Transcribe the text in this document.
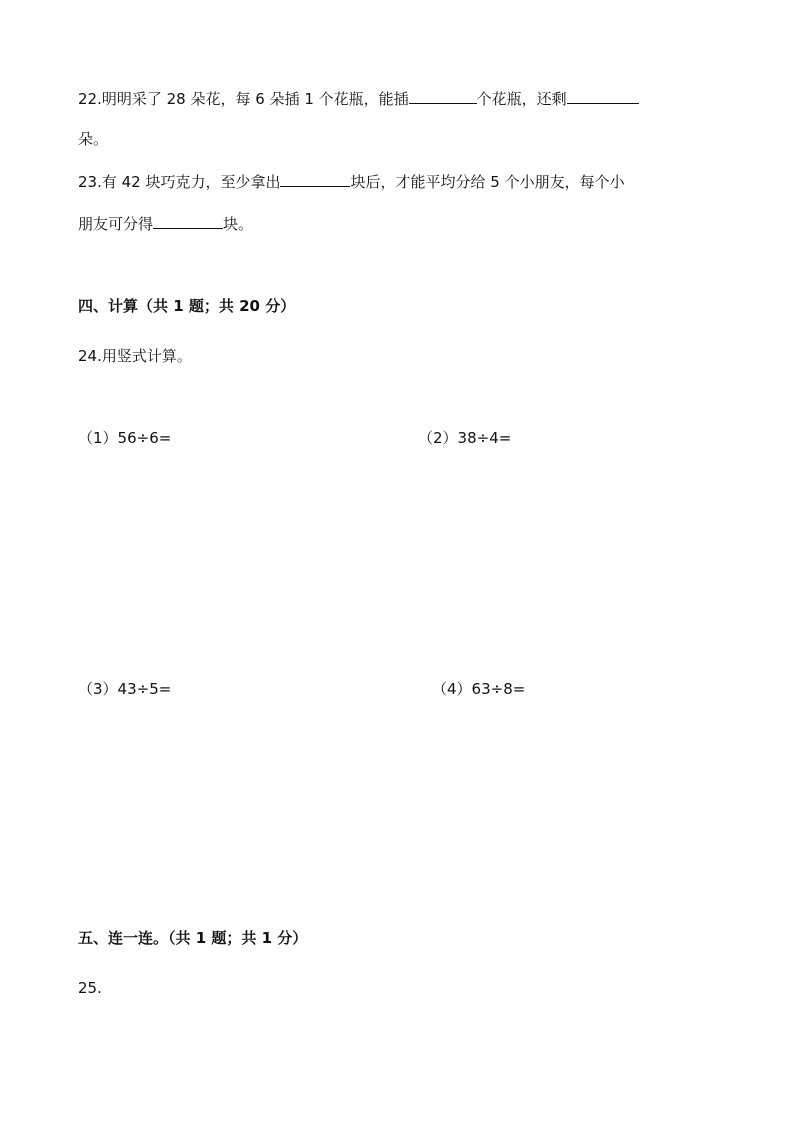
22.明明采了 28 朵花，每 6 朵插 1 个花瓶，能插	个花瓶，还剩
朵。
23.有 42 块巧克力，至少拿出	块后，才能平均分给 5 个小朋友，每个小
朋友可分得	块。
四、计算（共 1 题；共 20 分）
24.用竖式计算。
（1）56÷6=	（2）38÷4=
（3）43÷5=	（4）63÷8=
五、连一连。（共 1 题；共 1 分）
25.
